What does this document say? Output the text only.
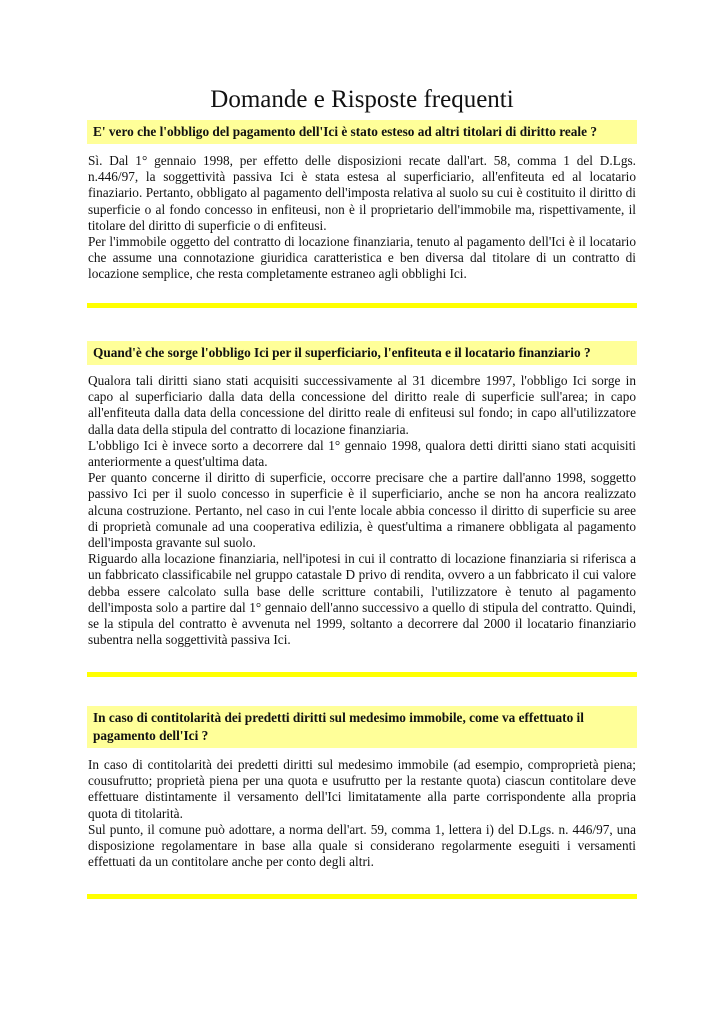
Domande e Risposte frequenti
E' vero che l'obbligo del pagamento dell'Ici è stato esteso ad altri titolari di diritto reale ?

Sì. Dal 1° gennaio 1998, per effetto delle disposizioni recate dall'art. 58, comma 1 del D.Lgs. n.446/97, la soggettività passiva Ici è stata estesa al superficiario, all'enfiteuta ed al locatario finaziario. Pertanto, obbligato al pagamento dell'imposta relativa al suolo su cui è costituito il diritto di superficie o al fondo concesso in enfiteusi, non è il proprietario dell'immobile ma, rispettivamente, il titolare del diritto di superficie o di enfiteusi.

Per l'immobile oggetto del contratto di locazione finanziaria, tenuto al pagamento dell'Ici è il locatario che assume una connotazione giuridica caratteristica e ben diversa dal titolare di un contratto di locazione semplice, che resta completamente estraneo agli obblighi Ici.

Quand'è che sorge l'obbligo Ici per il superficiario, l'enfiteuta e il locatario finanziario ?

Qualora tali diritti siano stati acquisiti successivamente al 31 dicembre 1997, l'obbligo Ici sorge in capo al superficiario dalla data della concessione del diritto reale di superficie sull'area; in capo all'enfiteuta dalla data della concessione del diritto reale di enfiteusi sul fondo; in capo all'utilizzatore dalla data della stipula del contratto di locazione finanziaria.

L'obbligo Ici è invece sorto a decorrere dal 1° gennaio 1998, qualora detti diritti siano stati acquisiti anteriormente a quest'ultima data.

Per quanto concerne il diritto di superficie, occorre precisare che a partire dall'anno 1998, soggetto passivo Ici per il suolo concesso in superficie è il superficiario, anche se non ha ancora realizzato alcuna costruzione. Pertanto, nel caso in cui l'ente locale abbia concesso il diritto di superficie su aree di proprietà comunale ad una cooperativa edilizia, è quest'ultima a rimanere obbligata al pagamento dell'imposta gravante sul suolo.

Riguardo alla locazione finanziaria, nell'ipotesi in cui il contratto di locazione finanziaria si riferisca a un fabbricato classificabile nel gruppo catastale D privo di rendita, ovvero a un fabbricato il cui valore debba essere calcolato sulla base delle scritture contabili, l'utilizzatore è tenuto al pagamento dell'imposta solo a partire dal 1° gennaio dell'anno successivo a quello di stipula del contratto. Quindi, se la stipula del contratto è avvenuta nel 1999, soltanto a decorrere dal 2000 il locatario finanziario subentra nella soggettività passiva Ici.

In caso di contitolarità dei predetti diritti sul medesimo immobile, come va effettuato il pagamento dell'Ici ?

In caso di contitolarità dei predetti diritti sul medesimo immobile (ad esempio, comproprietà piena; cousufrutto; proprietà piena per una quota e usufrutto per la restante quota) ciascun contitolare deve effettuare distintamente il versamento dell'Ici limitatamente alla parte corrispondente alla propria quota di titolarità.

Sul punto, il comune può adottare, a norma dell'art. 59, comma 1, lettera i) del D.Lgs. n. 446/97, una disposizione regolamentare in base alla quale si considerano regolarmente eseguiti i versamenti effettuati da un contitolare anche per conto degli altri.
